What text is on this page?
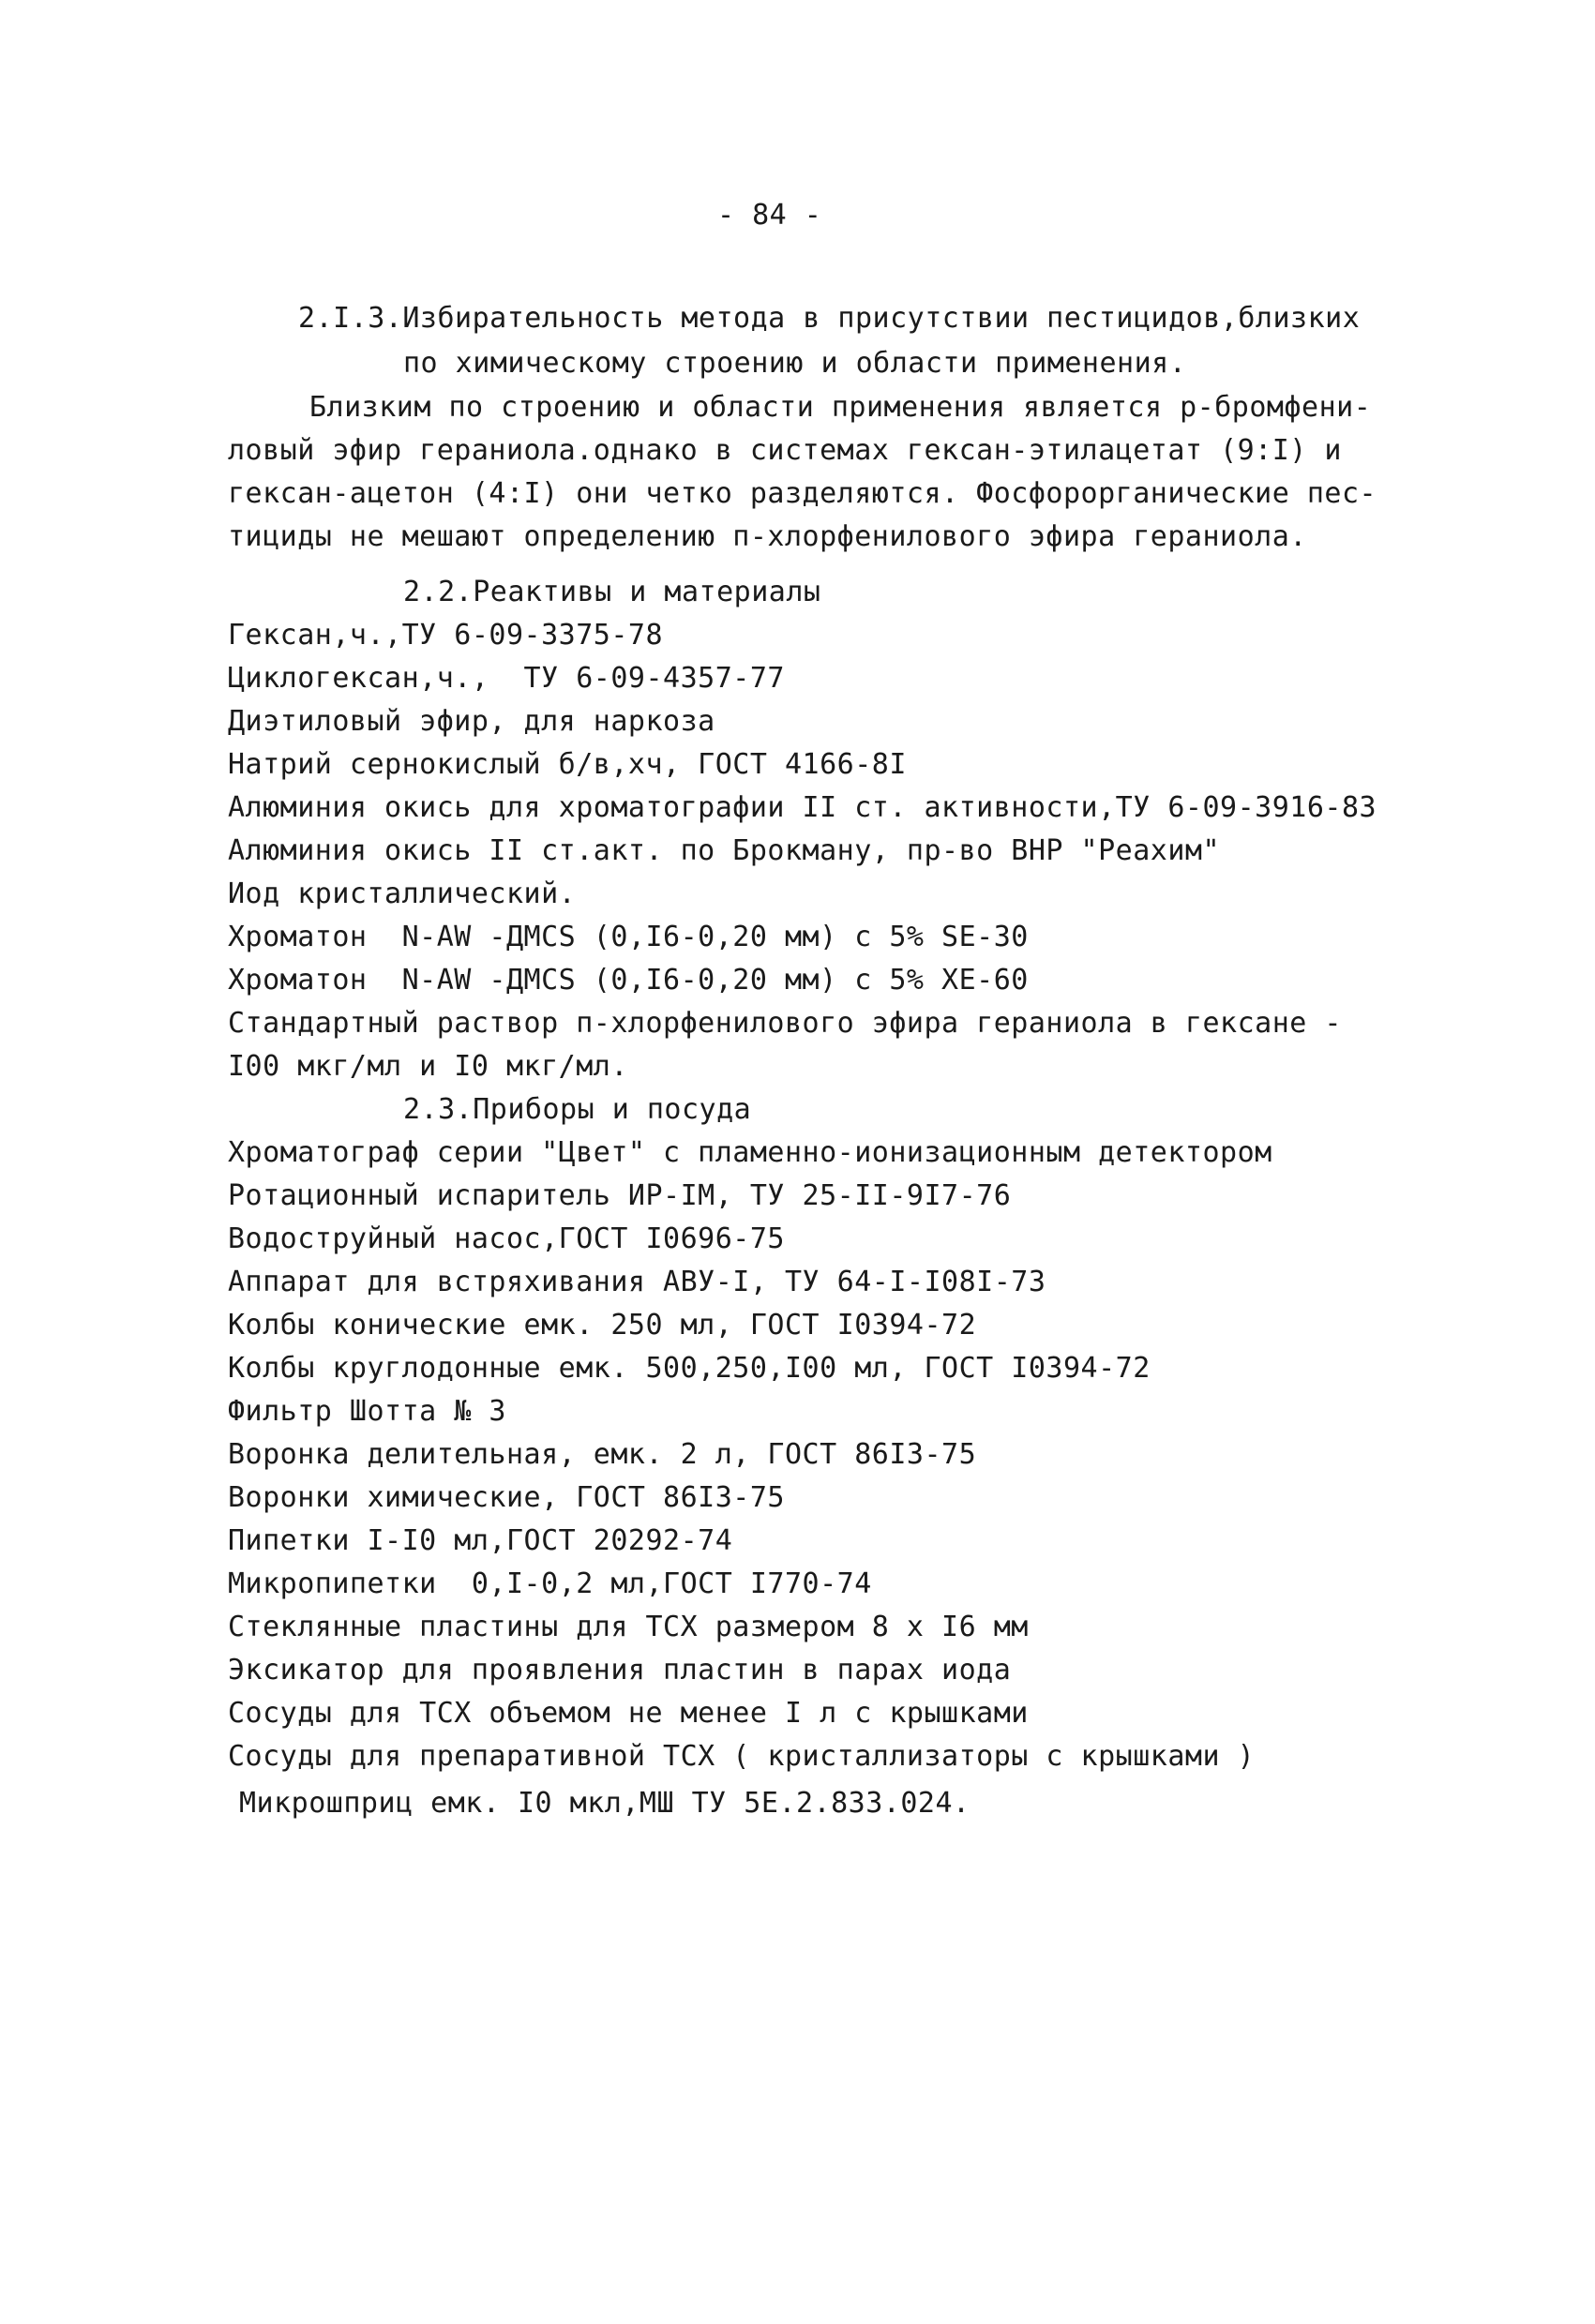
- 84 -
2.I.3.Избирательность метода в присутствии пестицидов,близких
по химическому строению и области применения.
Близким по строению и области применения является р-бромфени-
ловый эфир гераниола.однако в системах гексан-этилацетат (9:I) и
гексан-ацетон (4:I) они четко разделяются. Фосфорорганические пес-
тициды не мешают определению п-хлорфенилового эфира гераниола.
2.2.Реактивы и материалы
Гексан,ч.,ТУ 6-09-3375-78
Циклогексан,ч.,  ТУ 6-09-4357-77
Диэтиловый эфир, для наркоза
Натрий сернокислый б/в,хч, ГОСТ 4166-8I
Алюминия окись для хроматографии II ст. активности,ТУ 6-09-3916-83
Алюминия окись II ст.акт. по Брокману, пр-во ВНР "Реахим"
Иод кристаллический.
Хроматон  N-AW -ДМСS (0,I6-0,20 мм) с 5% SE-30
Хроматон  N-AW -ДМСS (0,I6-0,20 мм) с 5% XE-60
Стандартный раствор п-хлорфенилового эфира гераниола в гексане -
I00 мкг/мл и I0 мкг/мл.
2.3.Приборы и посуда
Хроматограф серии "Цвет" с пламенно-ионизационным детектором
Ротационный испаритель ИР-IМ, ТУ 25-II-9I7-76
Водоструйный насос,ГОСТ I0696-75
Аппарат для встряхивания АВУ-I, ТУ 64-I-I08I-73
Колбы конические емк. 250 мл, ГОСТ I0394-72
Колбы круглодонные емк. 500,250,I00 мл, ГОСТ I0394-72
Фильтр Шотта № 3
Воронка делительная, емк. 2 л, ГОСТ 86I3-75
Воронки химические, ГОСТ 86I3-75
Пипетки I-I0 мл,ГОСТ 20292-74
Микропипетки  0,I-0,2 мл,ГОСТ I770-74
Стеклянные пластины для ТСХ размером 8 x I6 мм
Эксикатор для проявления пластин в парах иода
Сосуды для ТСХ объемом не менее I л с крышками
Сосуды для препаративной ТСХ ( кристаллизаторы с крышками )
Микрошприц емк. I0 мкл,МШ ТУ 5Е.2.833.024.
